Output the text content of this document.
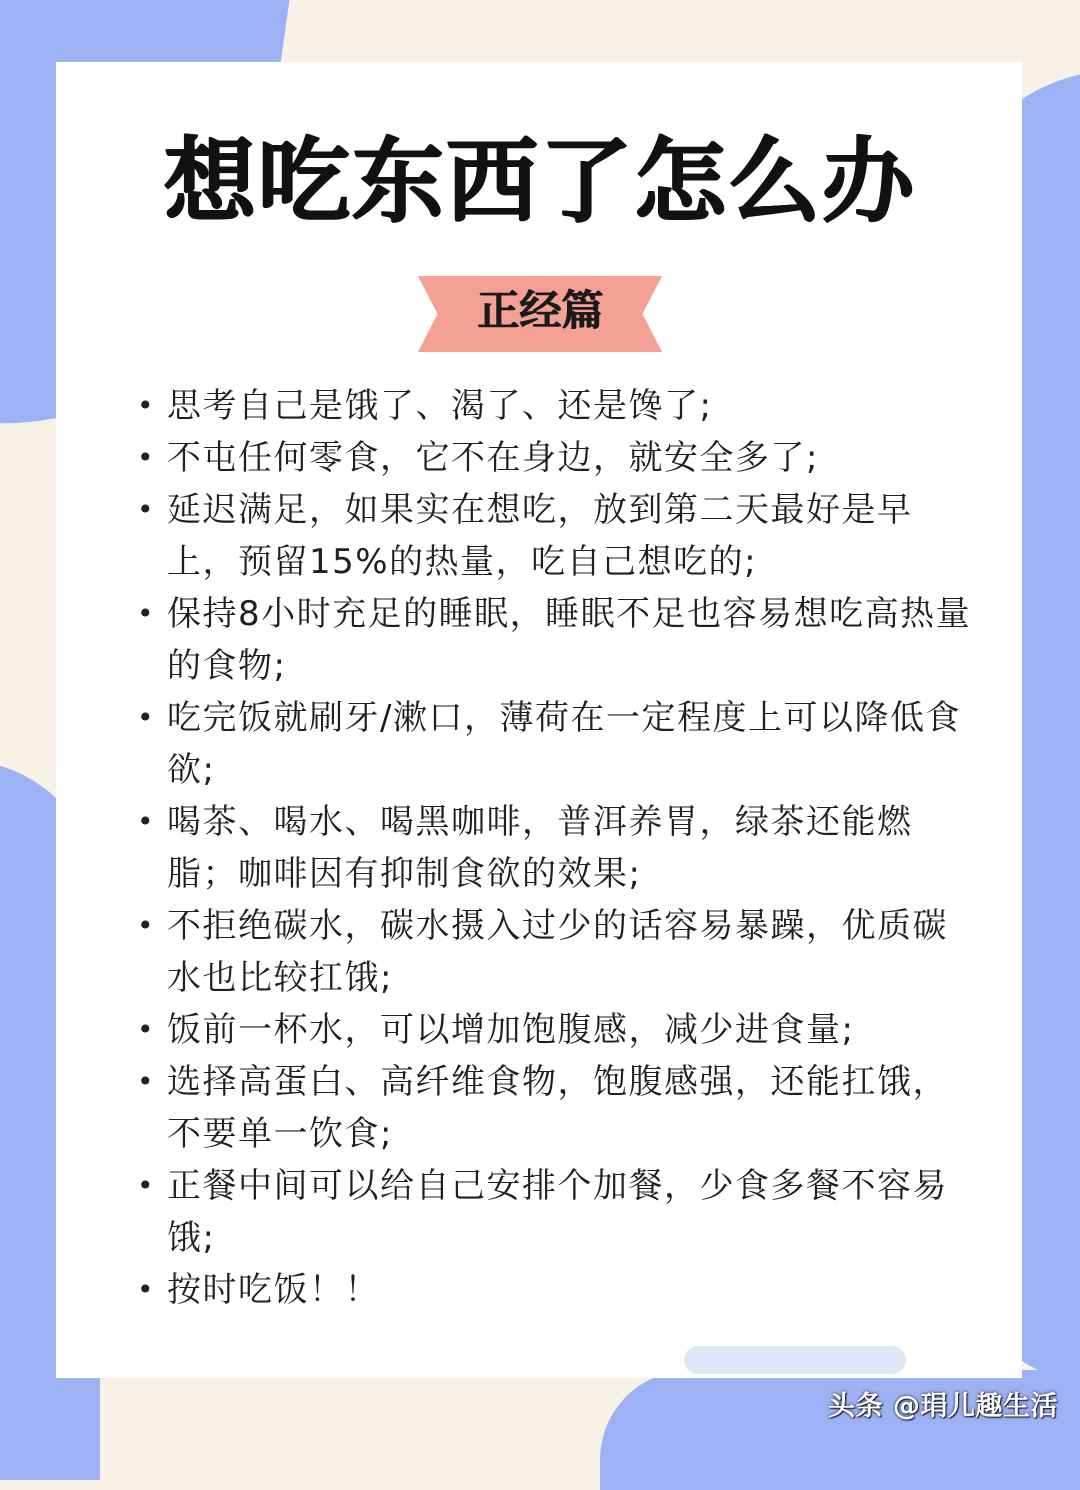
想吃东西了怎么办
正经篇
• 思考自己是饿了、渴了、还是馋了;
• 不屯任何零食，它不在身边，就安全多了;
• 延迟满足，如果实在想吃，放到第二天最好是早上，预留15%的热量，吃自己想吃的;
• 保持8小时充足的睡眠，睡眠不足也容易想吃高热量的食物;
• 吃完饭就刷牙/漱口，薄荷在一定程度上可以降低食欲;
• 喝茶、喝水、喝黑咖啡，普洱养胃，绿茶还能燃脂；咖啡因有抑制食欲的效果;
• 不拒绝碳水，碳水摄入过少的话容易暴躁，优质碳水也比较扛饿;
• 饭前一杯水，可以增加饱腹感，减少进食量;
• 选择高蛋白、高纤维食物，饱腹感强，还能扛饿，不要单一饮食;
• 正餐中间可以给自己安排个加餐，少食多餐不容易饿;
• 按时吃饭！！
头条 @琄儿趣生活
